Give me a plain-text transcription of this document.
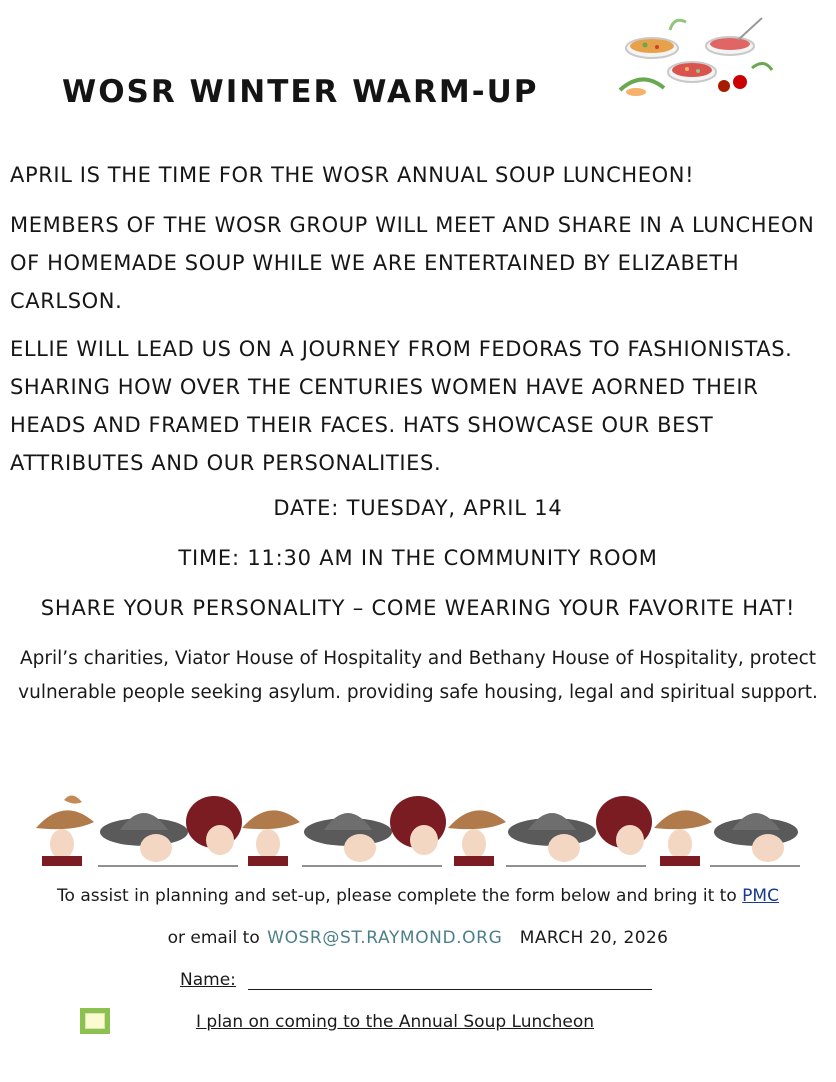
WOSR WINTER WARM-UP
APRIL IS THE TIME FOR THE WOSR ANNUAL SOUP LUNCHEON!
MEMBERS OF THE WOSR GROUP WILL MEET AND SHARE IN A LUNCHEON OF HOMEMADE SOUP WHILE WE ARE ENTERTAINED BY ELIZABETH CARLSON.
ELLIE WILL LEAD US ON A JOURNEY FROM FEDORAS TO FASHIONISTAS. SHARING HOW OVER THE CENTURIES WOMEN HAVE AORNED THEIR HEADS AND FRAMED THEIR FACES. HATS SHOWCASE OUR BEST ATTRIBUTES AND OUR PERSONALITIES.
DATE: TUESDAY, APRIL 14
TIME: 11:30 AM IN THE COMMUNITY ROOM
SHARE YOUR PERSONALITY – COME WEARING YOUR FAVORITE HAT!
April’s charities, Viator House of Hospitality and Bethany House of Hospitality, protect vulnerable people seeking asylum. providing safe housing, legal and spiritual support.
To assist in planning and set-up, please complete the form below and bring it to PMC
or email to WOSR@ST.RAYMOND.ORG MARCH 20, 2026
Name:
I plan on coming to the Annual Soup Luncheon
